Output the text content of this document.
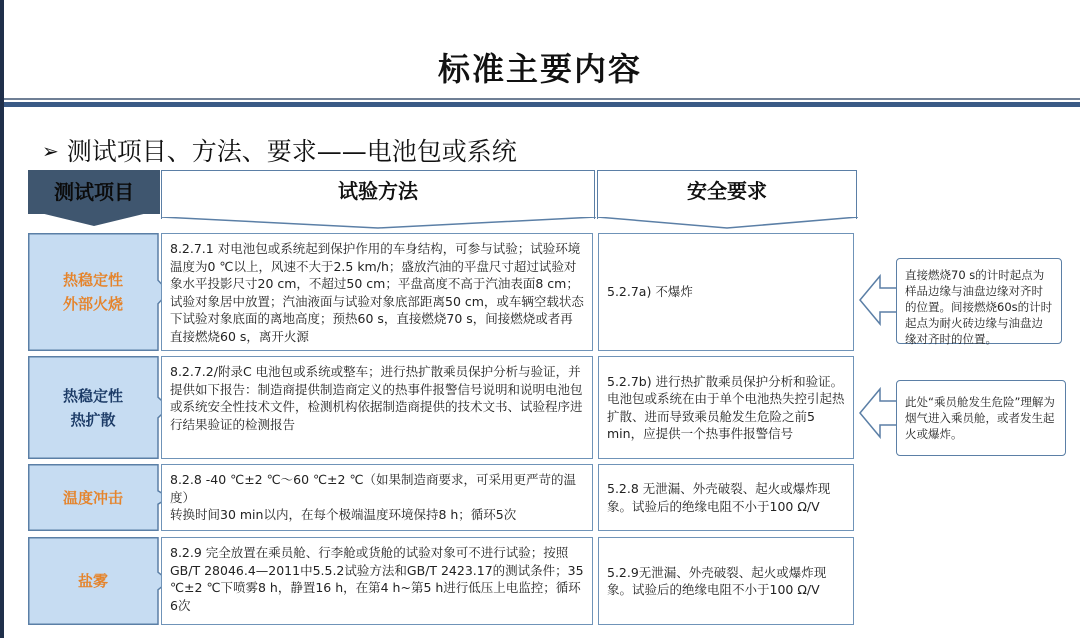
标准主要内容
➢ 测试项目、方法、要求——电池包或系统
测试项目	试验方法	安全要求
热稳定性
外部火烧
8.2.7.1 对电池包或系统起到保护作用的车身结构，可参与试验；试验环境温度为0 ℃以上，风速不大于2.5 km/h；盛放汽油的平盘尺寸超过试验对象水平投影尺寸20 cm，不超过50 cm；平盘高度不高于汽油表面8 cm；试验对象居中放置；汽油液面与试验对象底部距离50 cm，或车辆空载状态下试验对象底面的离地高度；预热60 s，直接燃烧70 s，间接燃烧或者再直接燃烧60 s，离开火源
5.2.7a) 不爆炸
热稳定性
热扩散
8.2.7.2/附录C 电池包或系统或整车；进行热扩散乘员保护分析与验证，并提供如下报告：制造商提供制造商定义的热事件报警信号说明和说明电池包或系统安全性技术文件，检测机构依据制造商提供的技术文书、试验程序进行结果验证的检测报告
5.2.7b) 进行热扩散乘员保护分析和验证。电池包或系统在由于单个电池热失控引起热扩散、进而导致乘员舱发生危险之前5 min，应提供一个热事件报警信号
温度冲击
8.2.8 -40 ℃±2 ℃～60 ℃±2 ℃（如果制造商要求，可采用更严苛的温度）
转换时间30 min以内，在每个极端温度环境保持8 h；循环5次
5.2.8 无泄漏、外壳破裂、起火或爆炸现象。试验后的绝缘电阻不小于100 Ω/V
盐雾
8.2.9 完全放置在乘员舱、行李舱或货舱的试验对象可不进行试验；按照GB/T 28046.4—2011中5.5.2试验方法和GB/T 2423.17的测试条件；35 ℃±2 ℃下喷雾8 h，静置16 h，在第4 h~第5 h进行低压上电监控；循环6次
5.2.9无泄漏、外壳破裂、起火或爆炸现象。试验后的绝缘电阻不小于100 Ω/V
直接燃烧70 s的计时起点为样品边缘与油盘边缘对齐时的位置。间接燃烧60s的计时起点为耐火砖边缘与油盘边缘对齐时的位置。
此处“乘员舱发生危险”理解为烟气进入乘员舱，或者发生起火或爆炸。
